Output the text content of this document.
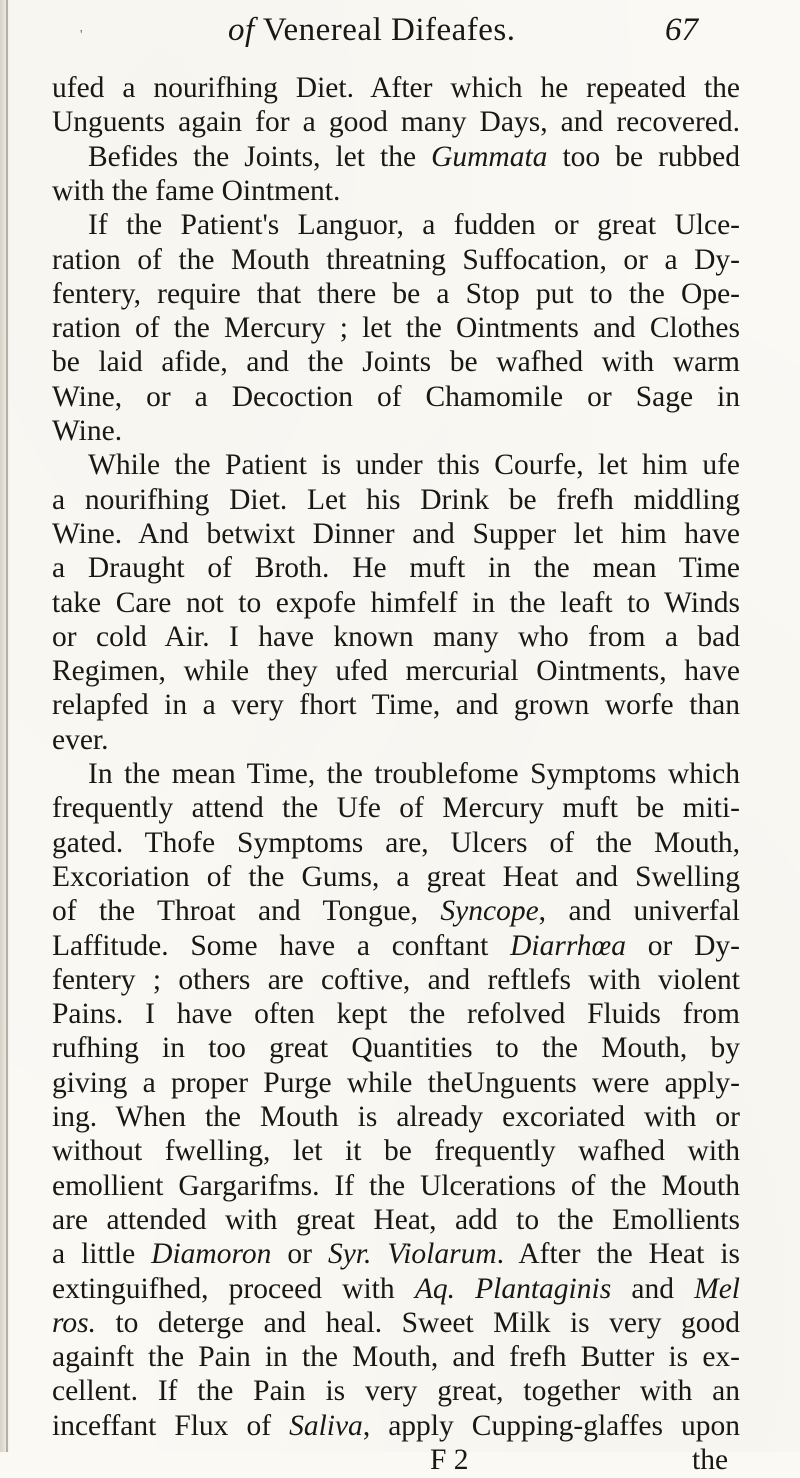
'	of Venereal Difeafes.	67
ufed a nourifhing Diet. After which he repeated the
Unguents again for a good many Days, and recovered.
Befides the Joints, let the Gummata too be rubbed
with the fame Ointment.
If the Patient's Languor, a fudden or great Ulce-
ration of the Mouth threatning Suffocation, or a Dy-
fentery, require that there be a Stop put to the Ope-
ration of the Mercury ; let the Ointments and Clothes
be laid afide, and the Joints be wafhed with warm
Wine, or a Decoction of Chamomile or Sage in
Wine.
While the Patient is under this Courfe, let him ufe
a nourifhing Diet. Let his Drink be frefh middling
Wine. And betwixt Dinner and Supper let him have
a Draught of Broth. He muft in the mean Time
take Care not to expofe himfelf in the leaft to Winds
or cold Air. I have known many who from a bad
Regimen, while they ufed mercurial Ointments, have
relapfed in a very fhort Time, and grown worfe than
ever.
In the mean Time, the troublefome Symptoms which
frequently attend the Ufe of Mercury muft be miti-
gated. Thofe Symptoms are, Ulcers of the Mouth,
Excoriation of the Gums, a great Heat and Swelling
of the Throat and Tongue, Syncope, and univerfal
Laffitude. Some have a conftant Diarrhœa or Dy-
fentery ; others are coftive, and reftlefs with violent
Pains. I have often kept the refolved Fluids from
rufhing in too great Quantities to the Mouth, by
giving a proper Purge while theUnguents were apply-
ing. When the Mouth is already excoriated with or
without fwelling, let it be frequently wafhed with
emollient Gargarifms. If the Ulcerations of the Mouth
are attended with great Heat, add to the Emollients
a little Diamoron or Syr. Violarum. After the Heat is
extinguifhed, proceed with Aq. Plantaginis and Mel
ros. to deterge and heal. Sweet Milk is very good
againft the Pain in the Mouth, and frefh Butter is ex-
cellent. If the Pain is very great, together with an
inceffant Flux of Saliva, apply Cupping-glaffes upon
F 2	the
